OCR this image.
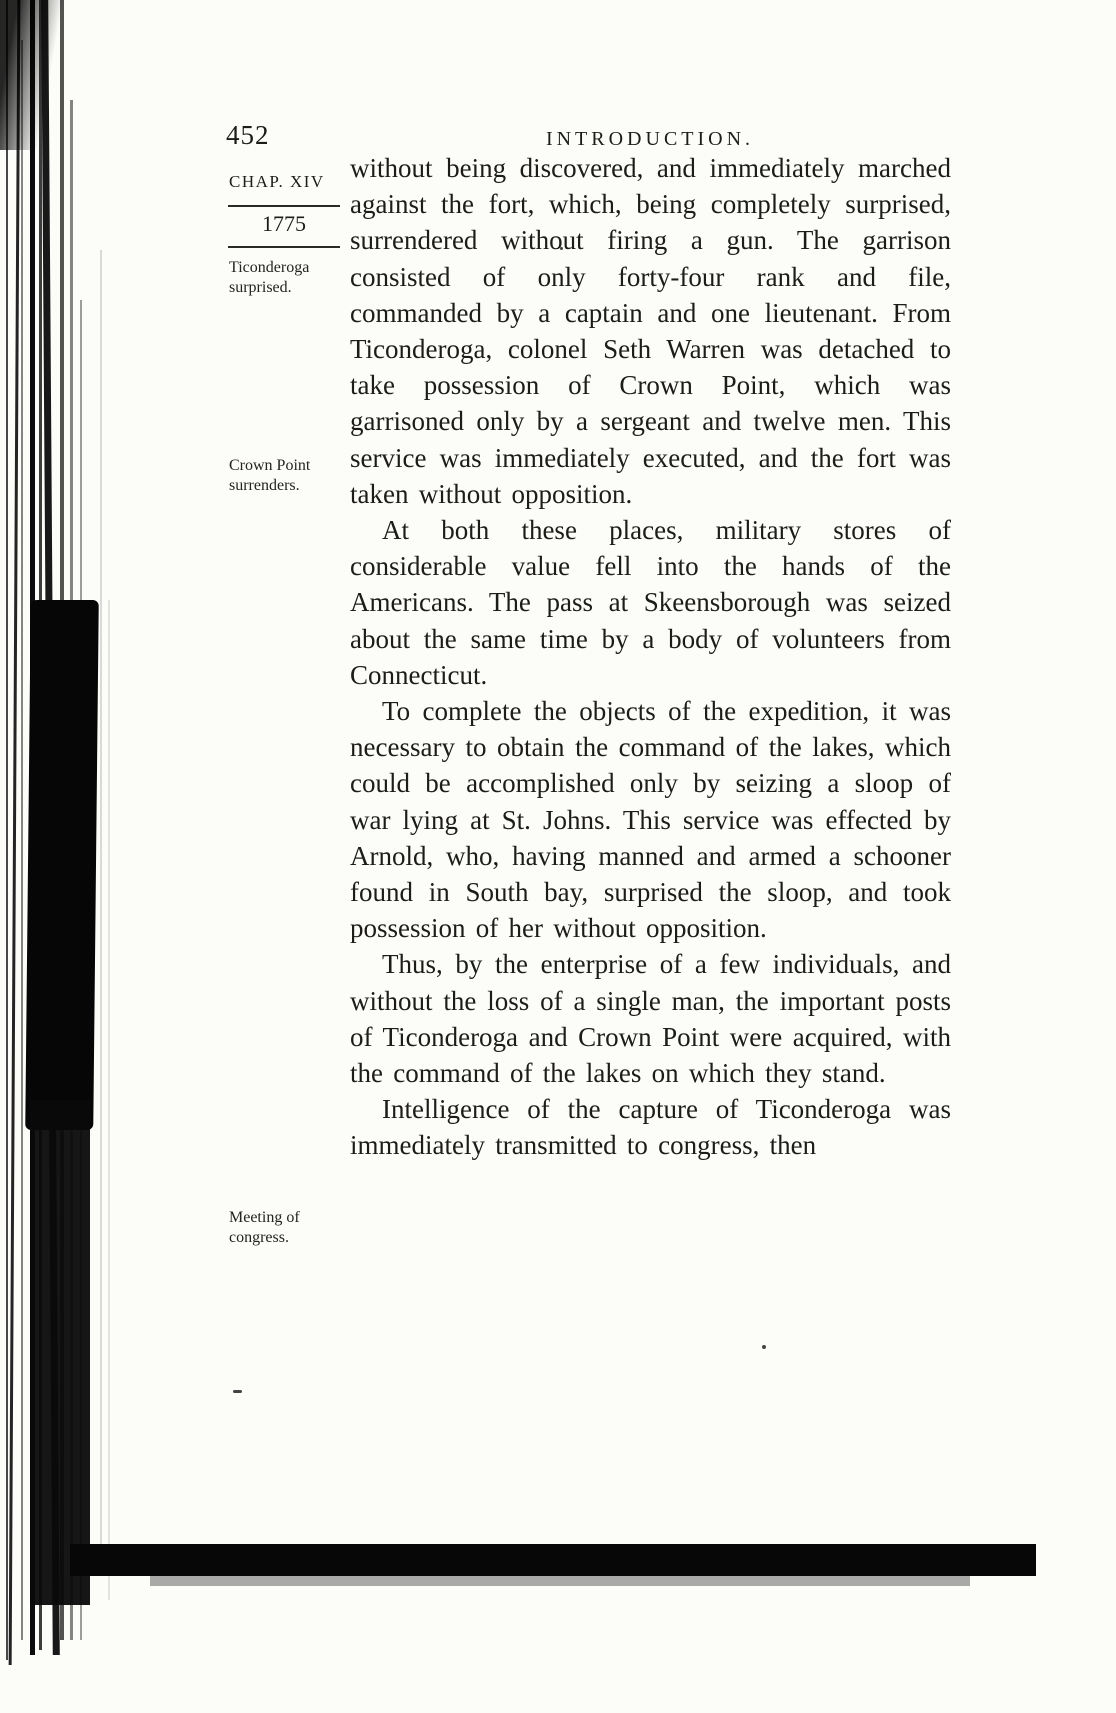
452	INTRODUCTION.
CHAP. XIV
1775
Ticonderoga surprised.
Crown Point surrenders.
Meeting of congress.

without being discovered, and immediately marched against the fort, which, being completely surprised, surrendered without firing a gun. The garrison consisted of only forty-four rank and file, commanded by a captain and one lieutenant. From Ticonderoga, colonel Seth Warren was detached to take possession of Crown Point, which was garrisoned only by a sergeant and twelve men. This service was immediately executed, and the fort was taken without opposition.

At both these places, military stores of considerable value fell into the hands of the Americans. The pass at Skeensborough was seized about the same time by a body of volunteers from Connecticut.

To complete the objects of the expedition, it was necessary to obtain the command of the lakes, which could be accomplished only by seizing a sloop of war lying at St. Johns. This service was effected by Arnold, who, having manned and armed a schooner found in South bay, surprised the sloop, and took possession of her without opposition.

Thus, by the enterprise of a few individuals, and without the loss of a single man, the important posts of Ticonderoga and Crown Point were acquired, with the command of the lakes on which they stand.

Intelligence of the capture of Ticonderoga was immediately transmitted to congress, then
